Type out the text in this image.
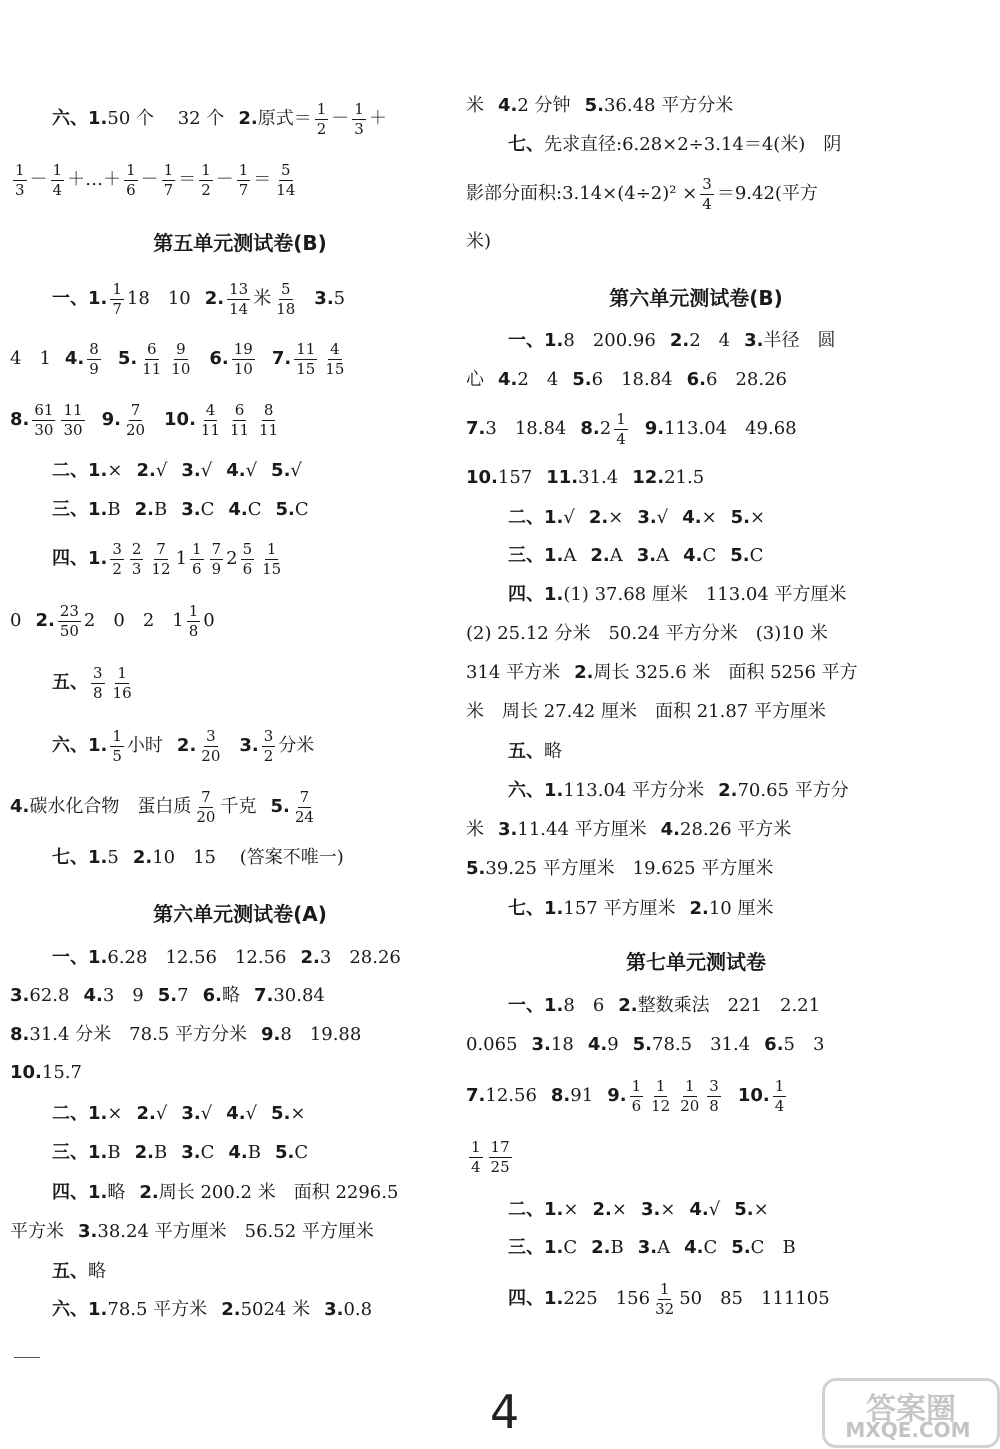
六、1.50 个 　32 个 2.原式＝ $\frac{1}{2} - \frac{1}{3}$ ＋
$\frac{1}{3} - \frac{1}{4}$ ＋…＋ $\frac{1}{6} - \frac{1}{7} = \frac{1}{2} - \frac{1}{7} = \frac{5}{14}$
第五单元测试卷(B)
一、1. $\frac{1}{7} 18$　10 2. $\frac{13}{14}$ 米 $\frac{5}{18} 3.5$
4　1 4. $\frac{8}{9} 5$. $\frac{6}{11} \frac{9}{10} 6$. $\frac{19}{10} 7$. $\frac{11}{15} \frac{4}{15}$
8. $\frac{61}{30} \frac{11}{30} 9$. $\frac{7}{20} 10$. $\frac{4}{11} \frac{6}{11} \frac{8}{11}$
二、1.× 2.√ 3.√ 4.√ 5.√
三、1.B 2.B 3.C 4.C 5.C
四、1. $\frac{3}{2} \frac{2}{3} \frac{7}{12} 1 \frac{1}{6} \frac{7}{9} 2 \frac{5}{6} \frac{1}{15}$
0 2. $\frac{23}{50} 2$　0　2　$1 \frac{1}{8} 0$
五、 $\frac{3}{8} \frac{1}{16}$
六、1. $\frac{1}{5}$ 小时 2. $\frac{3}{20} 3$. $\frac{3}{2}$ 分米
4.碳水化合物　蛋白质 $\frac{7}{20}$ 千克 5. $\frac{7}{24}$
七、1.5 2.10　15 　(答案不唯一)
第六单元测试卷(A)
一、1.6.28　12.56　12.56 2.3　28.26
3.62.8 4.3　9 5.7 6.略 7.30.84
8.31.4 分米　78.5 平方分米 9.8　19.88
10.15.7
二、1.× 2.√ 3.√ 4.√ 5.×
三、1.B 2.B 3.C 4.B 5.C
四、1.略 2.周长 200.2 米　面积 2296.5
平方米 3.38.24 平方厘米　56.52 平方厘米
五、略
六、1.78.5 平方米 2.5024 米 3.0.8
米 4.2 分钟 5.36.48 平方分米
七、先求直径:6.28×2÷3.14＝4(米)　阴
影部分面积:3.14×(4÷2)² × $\frac{3}{4} =9.42$(平方
米)
第六单元测试卷(B)
一、1.8　200.96 2.2　4 3.半径　圆
心 4.2　4 5.6　18.84 6.6　28.26
7.3　18.84 $8.2 \frac{1}{4} 9.113.04$　49.68
10.157 11.31.4 12.21.5
二、1.√ 2.× 3.√ 4.× 5.×
三、1.A 2.A 3.A 4.C 5.C
四、1.(1) 37.68 厘米　113.04 平方厘米
(2) 25.12 分米　50.24 平方分米　(3)10 米
314 平方米 2.周长 325.6 米　面积 5256 平方
米　周长 27.42 厘米　面积 21.87 平方厘米
五、略
六、1.113.04 平方分米 2.70.65 平方分
米 3.11.44 平方厘米 4.28.26 平方米
5.39.25 平方厘米　19.625 平方厘米
七、1.157 平方厘米 2.10 厘米
第七单元测试卷
一、1.8　6 2.整数乘法　221　2.21
0.065 3.18 4.9 5.78.5　31.4 6.5　3
7.12.56 8.91 9. $\frac{1}{6} \frac{1}{12} \frac{1}{20} \frac{3}{8} 10$. $\frac{1}{4}$
$\frac{1}{4} \frac{17}{25}$
二、1.× 2.× 3.× 4.√ 5.×
三、1.C 2.B 3.A 4.C 5.C　B
四、1.225　$156 \frac{1}{32} 50$　85　111105
4	答案圈
MXQE.COM
